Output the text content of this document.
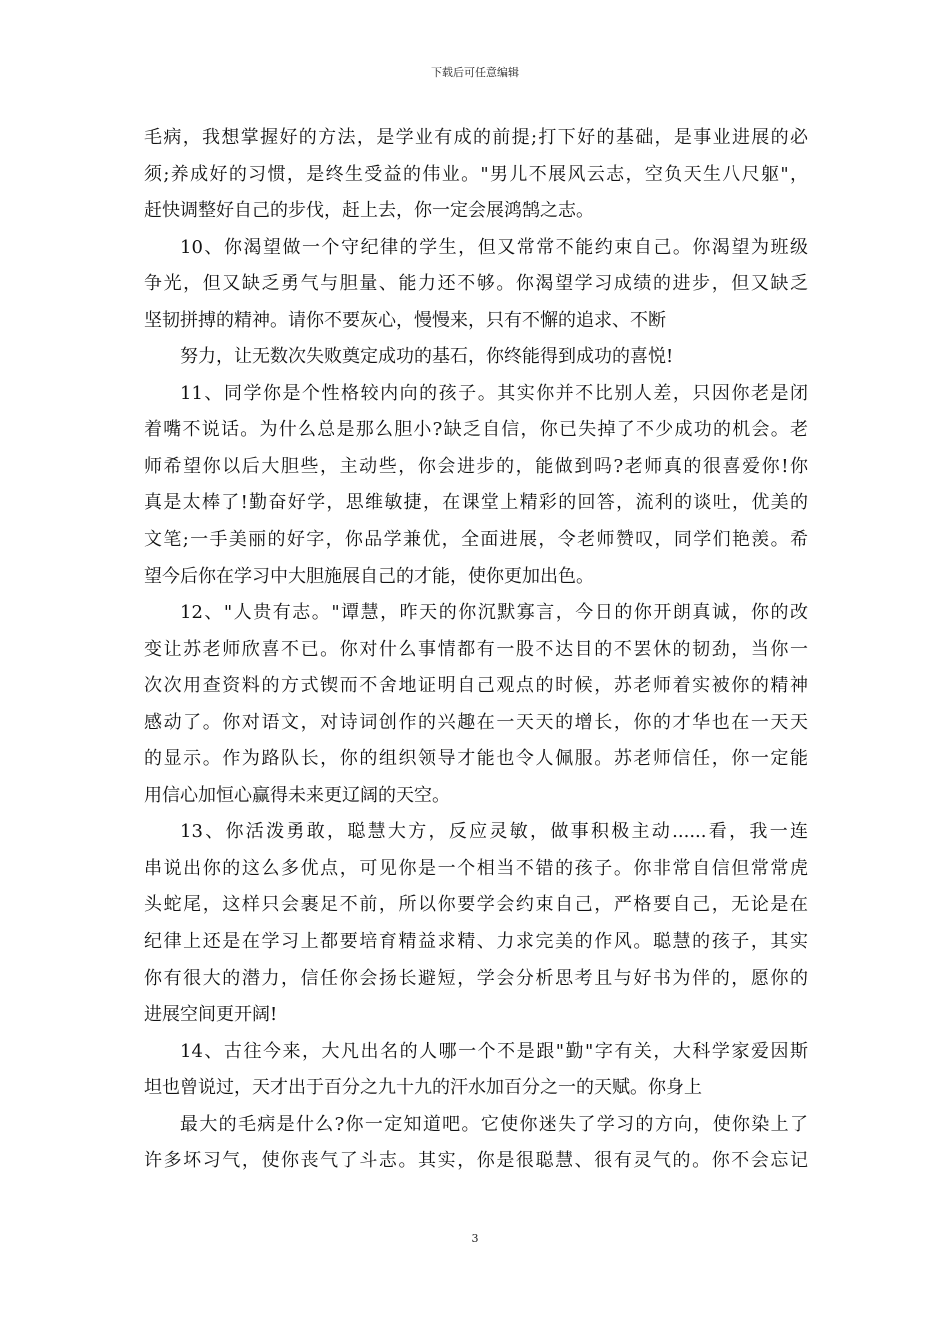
下载后可任意编辑
毛病，我想掌握好的方法，是学业有成的前提;打下好的基础，是事业进展的必
须;养成好的习惯，是终生受益的伟业。"男儿不展风云志，空负天生八尺躯"，
赶快调整好自己的步伐，赶上去，你一定会展鸿鹄之志。
10、你渴望做一个守纪律的学生，但又常常不能约束自己。你渴望为班级
争光，但又缺乏勇气与胆量、能力还不够。你渴望学习成绩的进步，但又缺乏
坚韧拼搏的精神。请你不要灰心，慢慢来，只有不懈的追求、不断
努力，让无数次失败奠定成功的基石，你终能得到成功的喜悦!
11、同学你是个性格较内向的孩子。其实你并不比别人差，只因你老是闭
着嘴不说话。为什么总是那么胆小?缺乏自信，你已失掉了不少成功的机会。老
师希望你以后大胆些，主动些，你会进步的，能做到吗?老师真的很喜爱你!你
真是太棒了!勤奋好学，思维敏捷，在课堂上精彩的回答，流利的谈吐，优美的
文笔;一手美丽的好字，你品学兼优，全面进展，令老师赞叹，同学们艳羡。希
望今后你在学习中大胆施展自己的才能，使你更加出色。
12、"人贵有志。"谭慧，昨天的你沉默寡言，今日的你开朗真诚，你的改
变让苏老师欣喜不已。你对什么事情都有一股不达目的不罢休的韧劲，当你一
次次用查资料的方式锲而不舍地证明自己观点的时候，苏老师着实被你的精神
感动了。你对语文，对诗词创作的兴趣在一天天的增长，你的才华也在一天天
的显示。作为路队长，你的组织领导才能也令人佩服。苏老师信任，你一定能
用信心加恒心赢得未来更辽阔的天空。
13、你活泼勇敢，聪慧大方，反应灵敏，做事积极主动......看，我一连
串说出你的这么多优点，可见你是一个相当不错的孩子。你非常自信但常常虎
头蛇尾，这样只会裹足不前，所以你要学会约束自己，严格要自己，无论是在
纪律上还是在学习上都要培育精益求精、力求完美的作风。聪慧的孩子，其实
你有很大的潜力，信任你会扬长避短，学会分析思考且与好书为伴的，愿你的
进展空间更开阔!
14、古往今来，大凡出名的人哪一个不是跟"勤"字有关，大科学家爱因斯
坦也曾说过，天才出于百分之九十九的汗水加百分之一的天赋。你身上
最大的毛病是什么?你一定知道吧。它使你迷失了学习的方向，使你染上了
许多坏习气，使你丧气了斗志。其实，你是很聪慧、很有灵气的。你不会忘记
3
